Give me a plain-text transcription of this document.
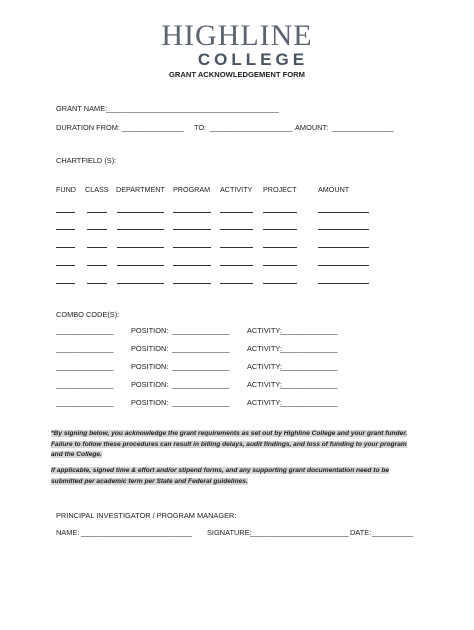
HIGHLINE
COLLEGE
GRANT ACKNOWLEDGEMENT FORM
GRANT NAME:
__________________________________________
DURATION FROM: _______________ TO: ____________________ AMOUNT: _______________
CHARTFIELD (S):
FUND CLASS DEPARTMENT PROGRAM ACTIVITY PROJECT	AMOUNT
COMBO CODE(S):
______________ POSITION: ______________ ACTIVITY:
______________
______________ POSITION: ______________ ACTIVITY:
______________
______________ POSITION: ______________ ACTIVITY:
______________
______________ POSITION: ______________ ACTIVITY:
______________
______________ POSITION: ______________ ACTIVITY:
______________
*By signing below, you acknowledge the grant requirements as set out by Highline College and your grant funder.
Failure to follow these procedures can result in billing delays, audit findings, and loss of funding to your program
and the College.
If applicable, signed time & effort and/or stipend forms, and any supporting grant documentation need to be
submitted per academic term per State and Federal guidelines.
PRINCIPAL INVESTIGATOR / PROGRAM MANAGER:
NAME: ___________________________ SIGNATURE:
________________________ DATE: __________
